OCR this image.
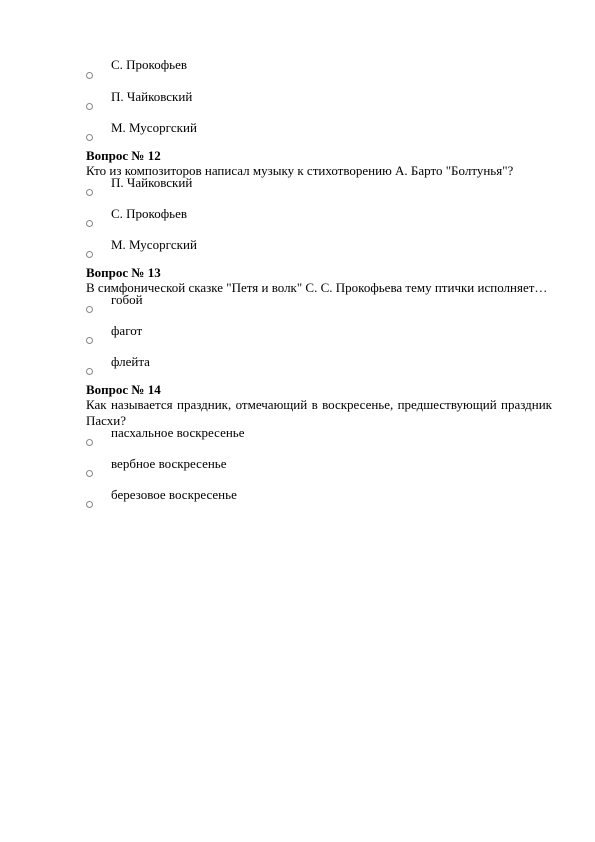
С. Прокофьев
П. Чайковский
М. Мусоргский
Вопрос № 12
Кто из композиторов написал музыку к стихотворению А. Барто "Болтунья"?
П. Чайковский
С. Прокофьев
М. Мусоргский
Вопрос № 13
В симфонической сказке "Петя и волк" С. С. Прокофьева тему птички исполняет…
гобой
фагот
флейта
Вопрос № 14
Как называется праздник, отмечающий в воскресенье, предшествующий праздник Пасхи?
пасхальное воскресенье
вербное воскресенье
березовое воскресенье
